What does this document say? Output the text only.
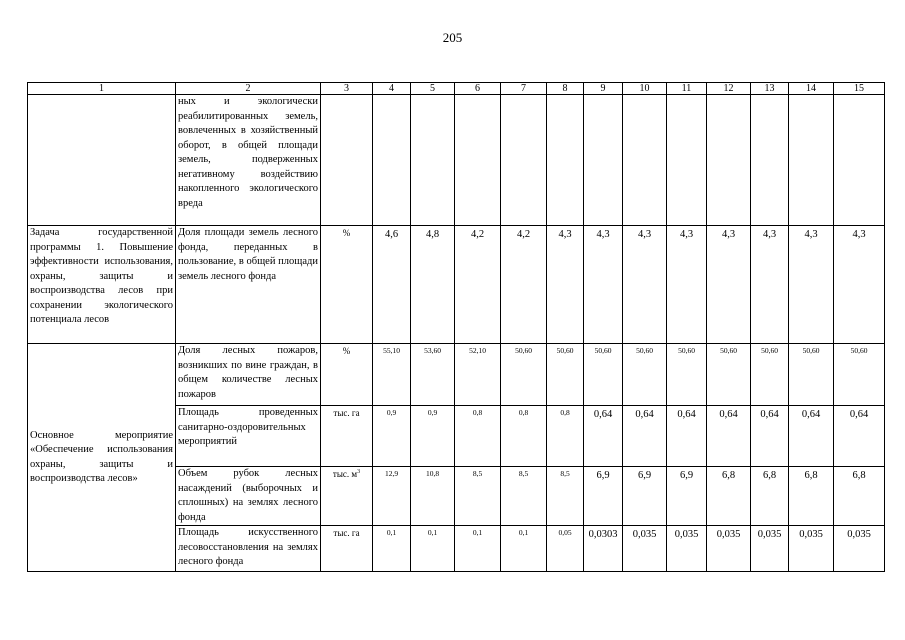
205
1	2	3	4	5	6	7	8	9	10	11	12	13	14	15
	ных и экологически реабилитированных земель, вовлеченных в хозяйственный оборот, в общей площади земель, подверженных негативному воздействию накопленного экологического вреда													
Задача государственной программы 1. Повышение эффективности использования, охраны, защиты и воспроизводства лесов при сохранении экологического потенциала лесов	Доля площади земель лесного фонда, переданных в пользование, в общей площади земель лесного фонда	%	4,6	4,8	4,2	4,2	4,3	4,3	4,3	4,3	4,3	4,3	4,3	4,3
Основное мероприятие «Обеспечение использования охраны, защиты и воспроизводства лесов»	Доля лесных пожаров, возникших по вине граждан, в общем количестве лесных пожаров	%	55,10	53,60	52,10	50,60	50,60	50,60	50,60	50,60	50,60	50,60	50,60	50,60
	Площадь проведенных санитарно-оздоровительных мероприятий	тыс. га	0,9	0,9	0,8	0,8	0,8	0,64	0,64	0,64	0,64	0,64	0,64	0,64
	Объем рубок лесных насаждений (выборочных и сплошных) на землях лесного фонда	тыс. $м^3$	12,9	10,8	8,5	8,5	8,5	6,9	6,9	6,9	6,8	6,8	6,8	6,8
	Площадь искусственного лесовосстановления на землях лесного фонда	тыс. га	0,1	0,1	0,1	0,1	0,05	0,0303	0,035	0,035	0,035	0,035	0,035	0,035
